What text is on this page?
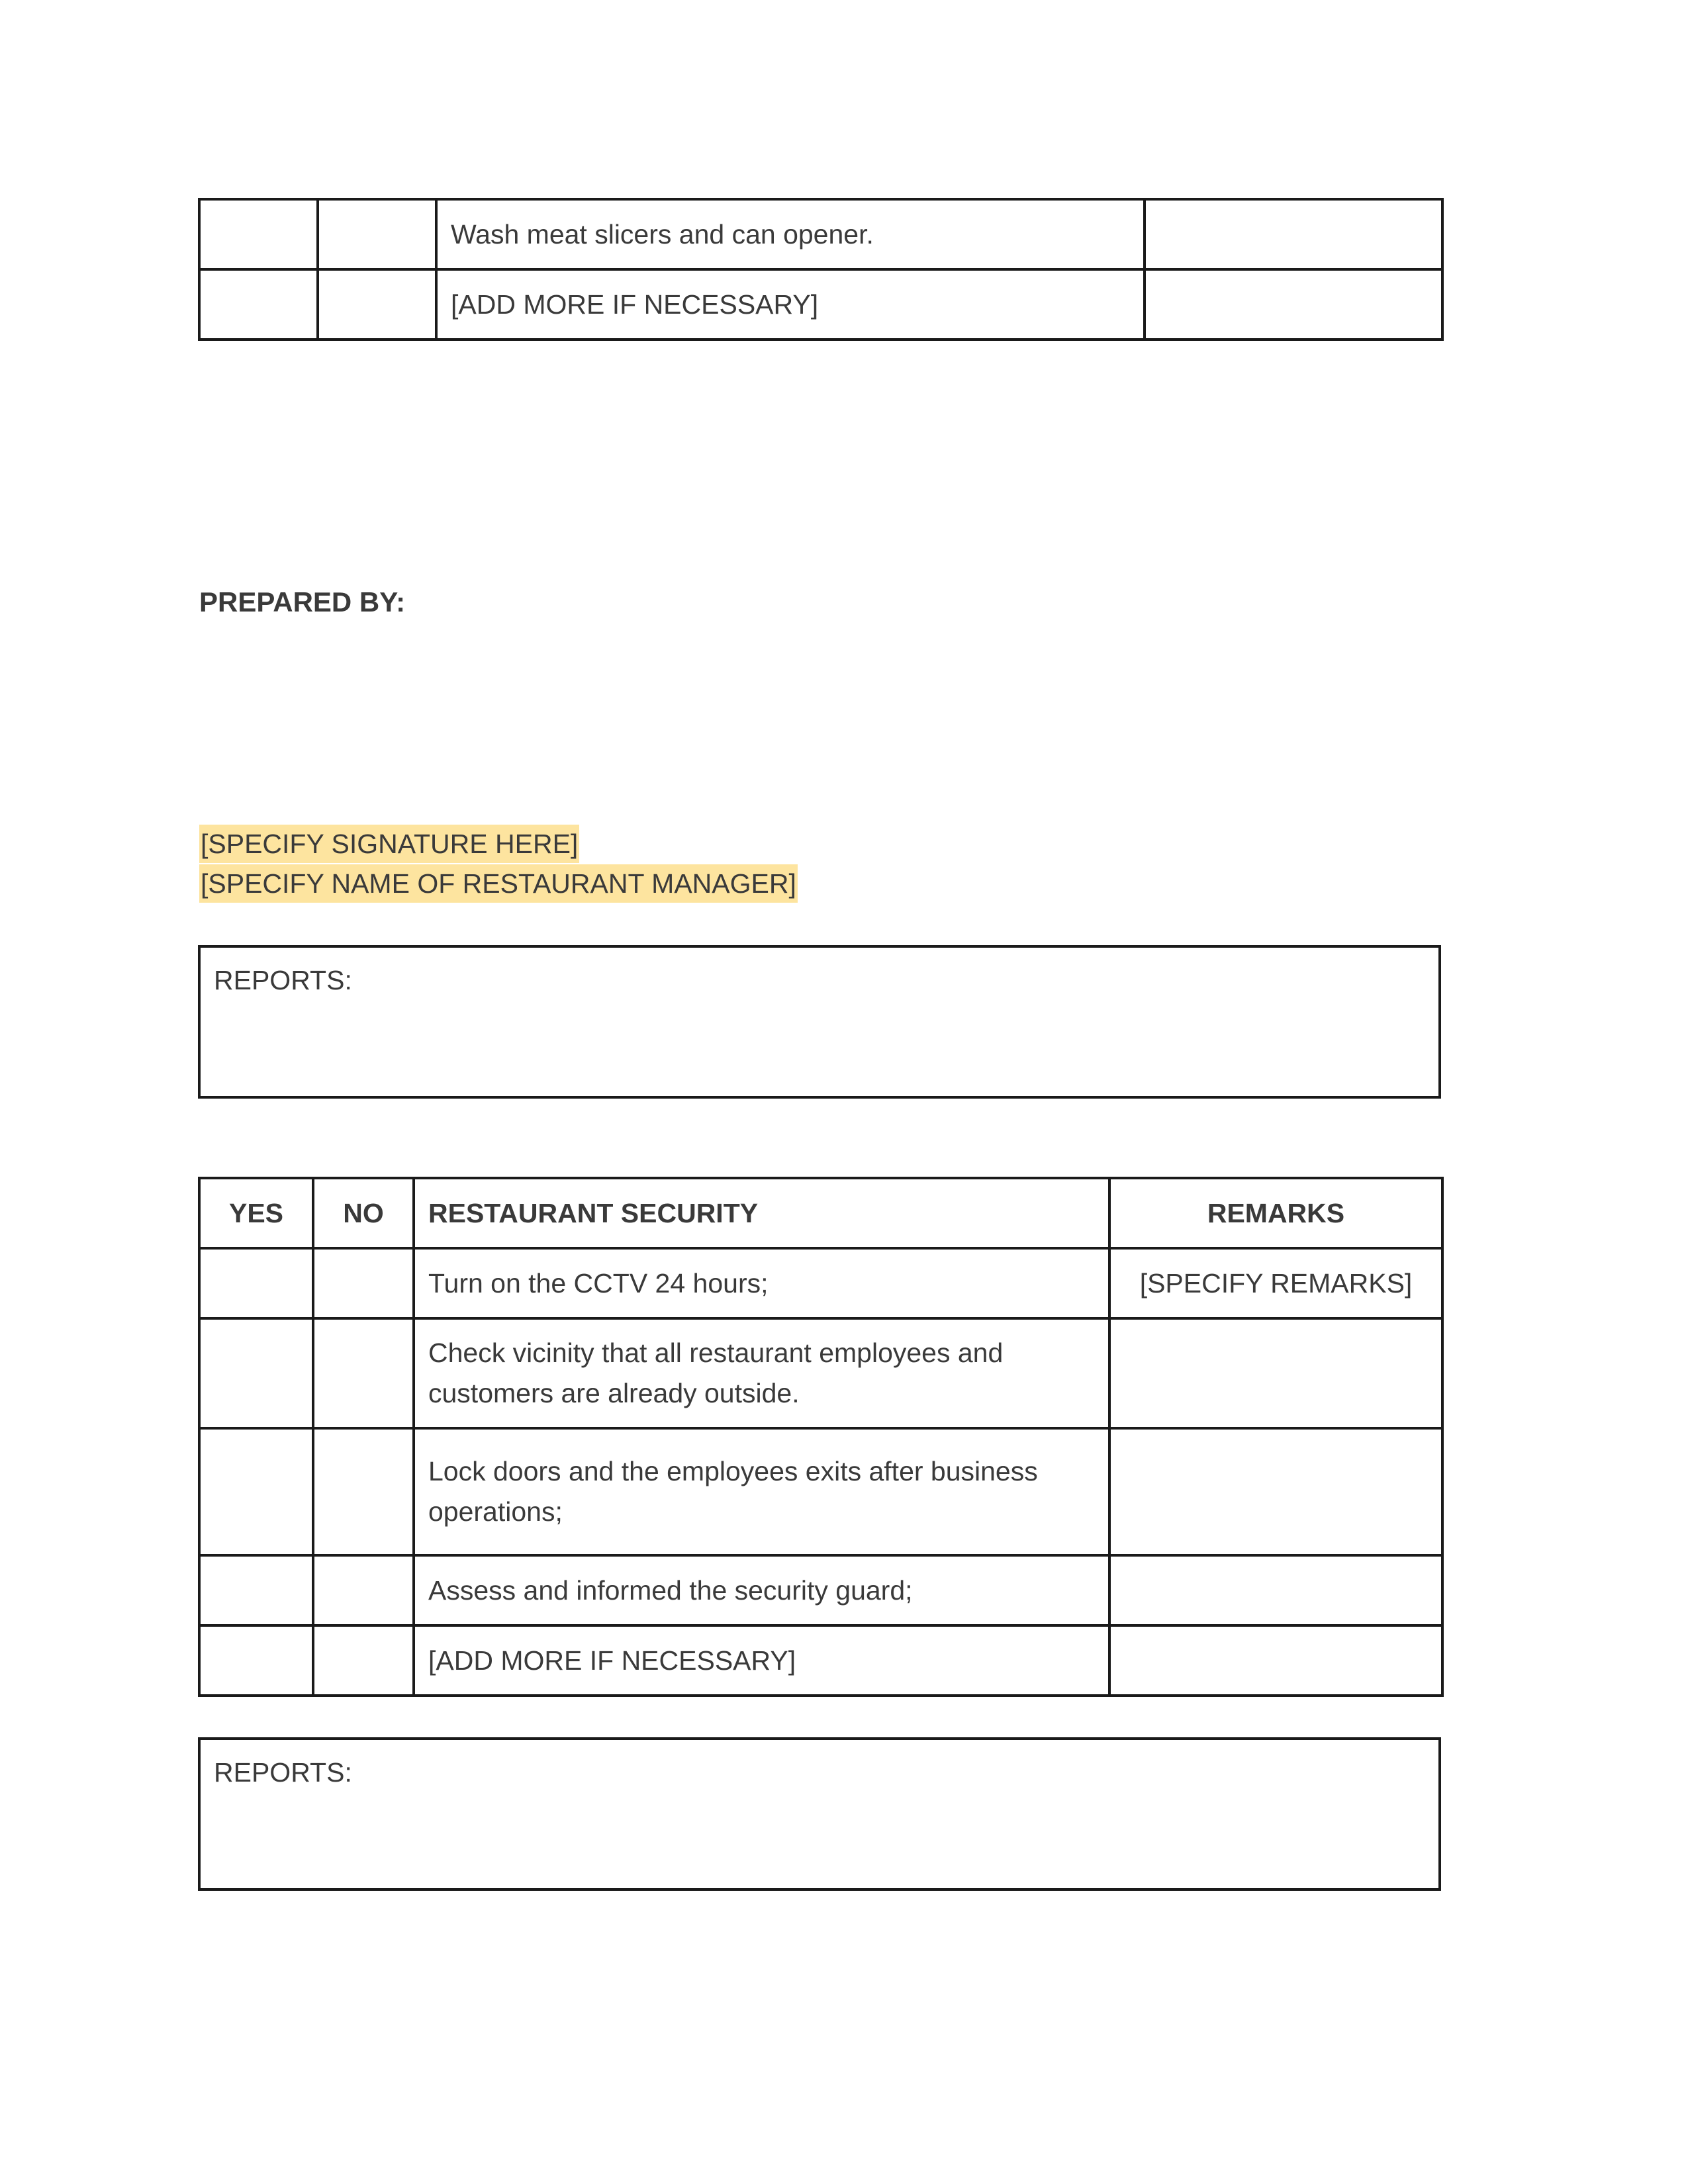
		Wash meat slicers and can opener.	
		[ADD MORE IF NECESSARY]	

PREPARED BY:

[SPECIFY SIGNATURE HERE]
[SPECIFY NAME OF RESTAURANT MANAGER]
REPORTS:
YES	NO	RESTAURANT SECURITY	REMARKS
		Turn on the CCTV 24 hours;	[SPECIFY REMARKS]
		Check vicinity that all restaurant employees and customers are already outside.	
		Lock doors and the employees exits after business operations;	
		Assess and informed the security guard;	
		[ADD MORE IF NECESSARY]	
REPORTS:
